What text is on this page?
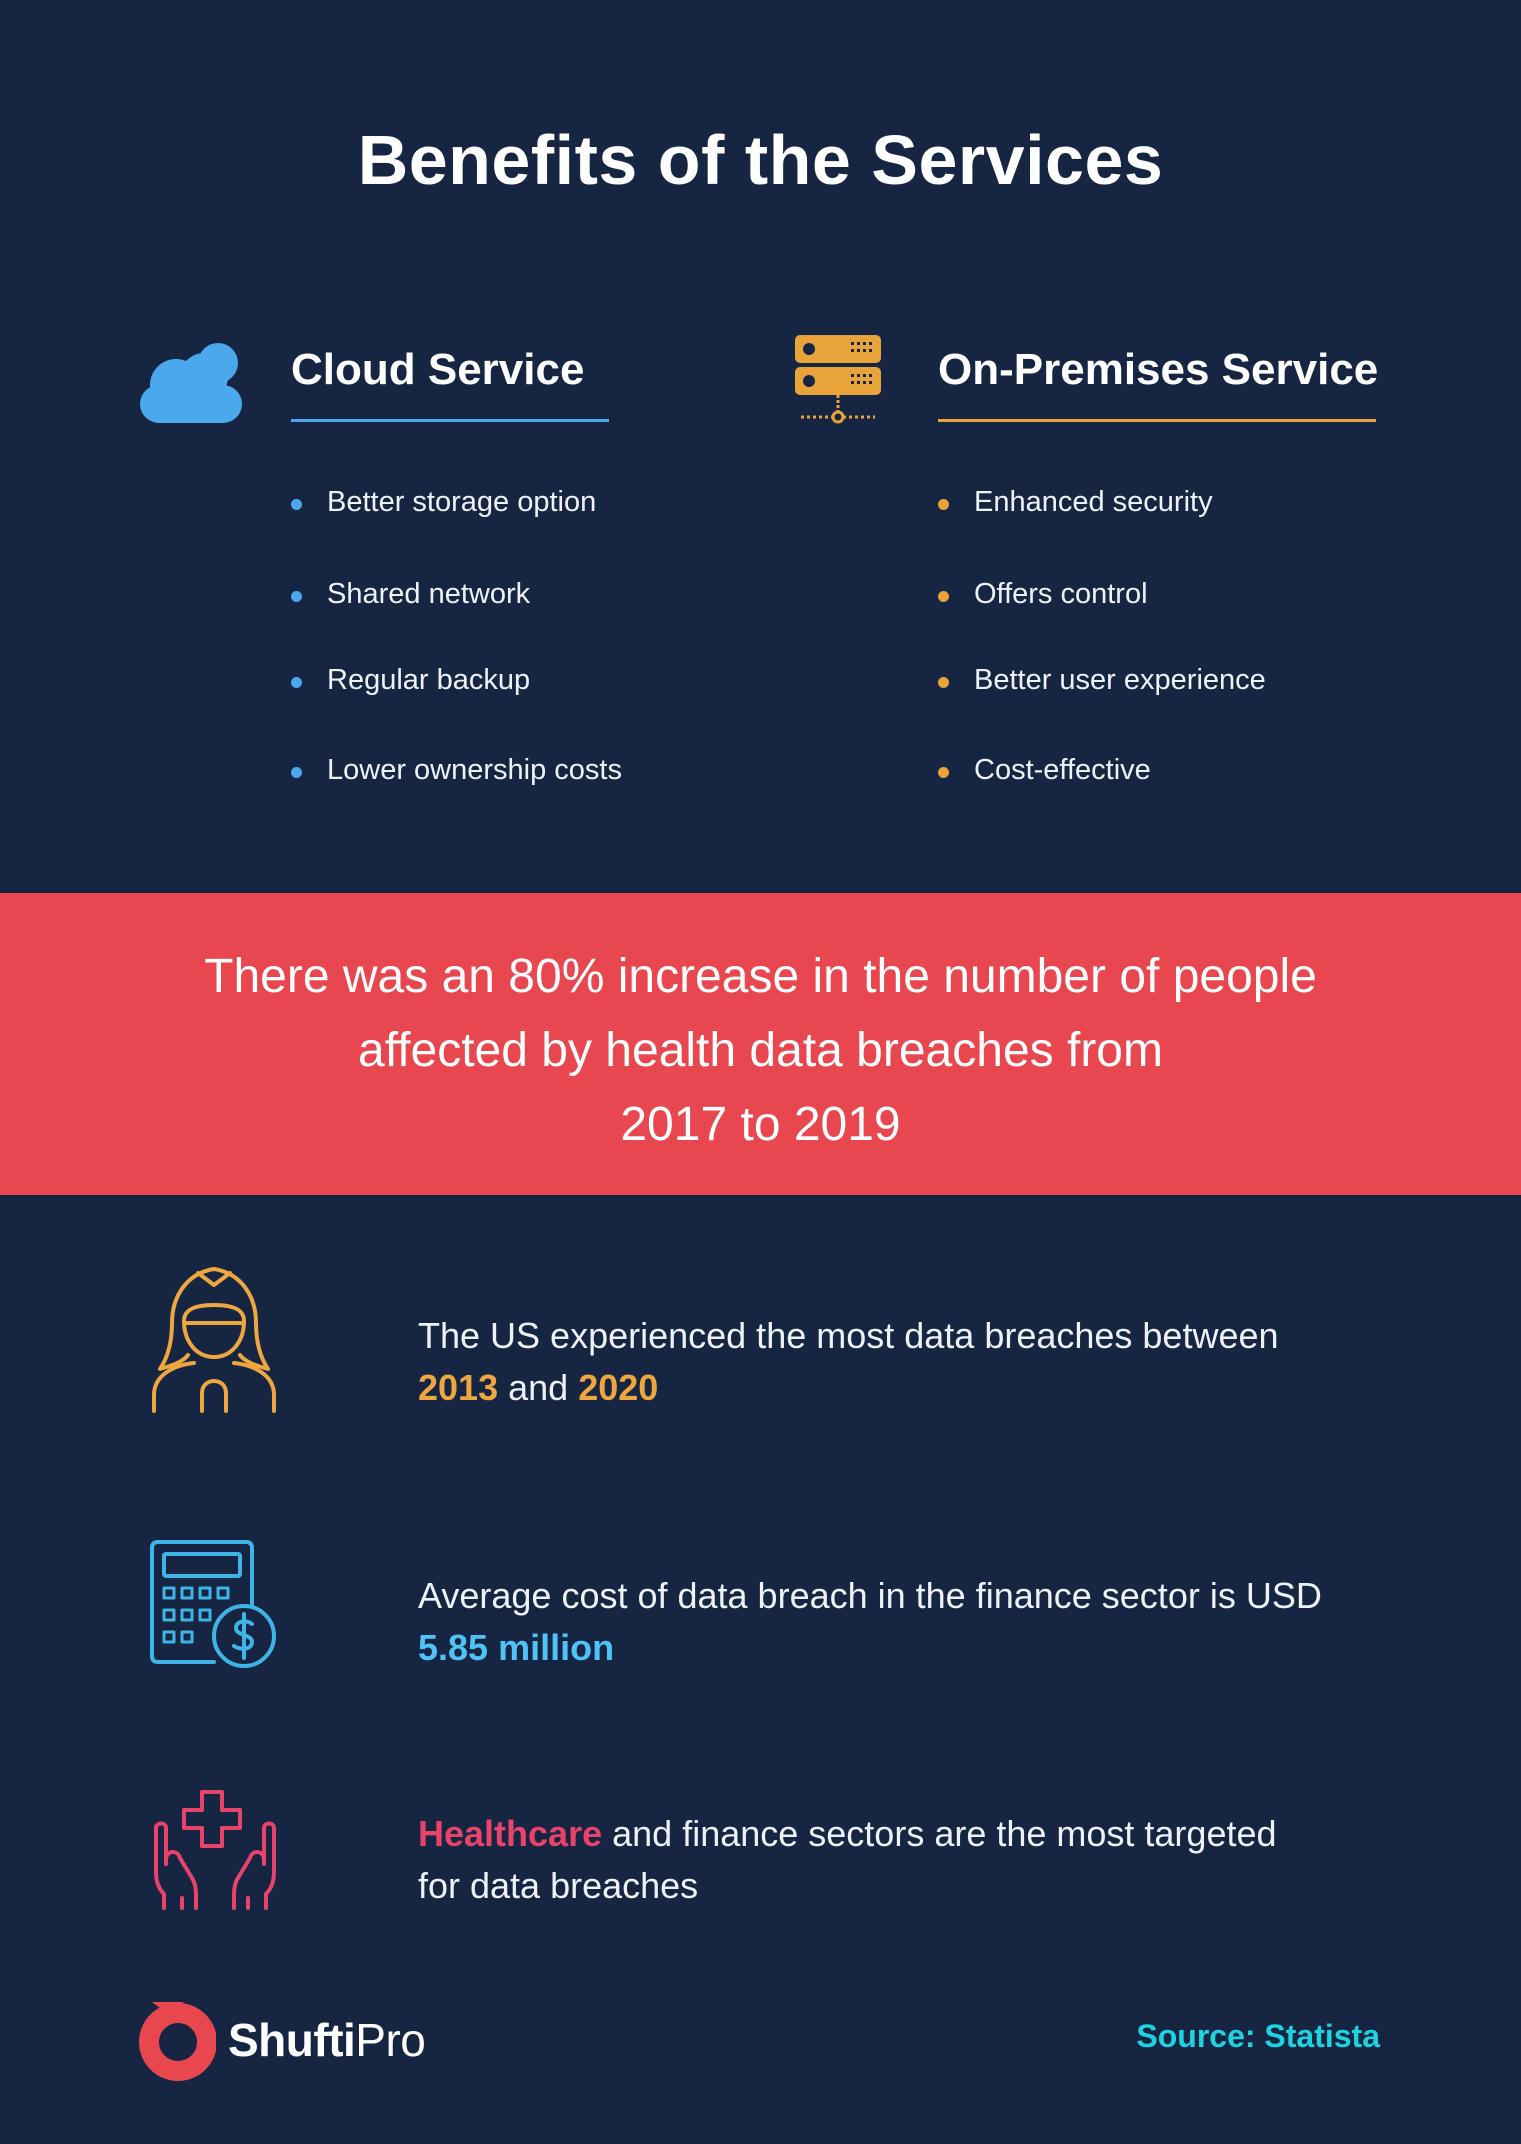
Benefits of the Services
Cloud Service
Better storage option
Shared network
Regular backup
Lower ownership costs
On-Premises Service
Enhanced security
Offers control
Better user experience
Cost-effective
There was an 80% increase in the number of people
affected by health data breaches from
2017 to 2019
The US experienced the most data breaches between
2013 and 2020
Average cost of data breach in the finance sector is USD
5.85 million
Healthcare and finance sectors are the most targeted
for data breaches
ShuftiPro	Source: Statista
